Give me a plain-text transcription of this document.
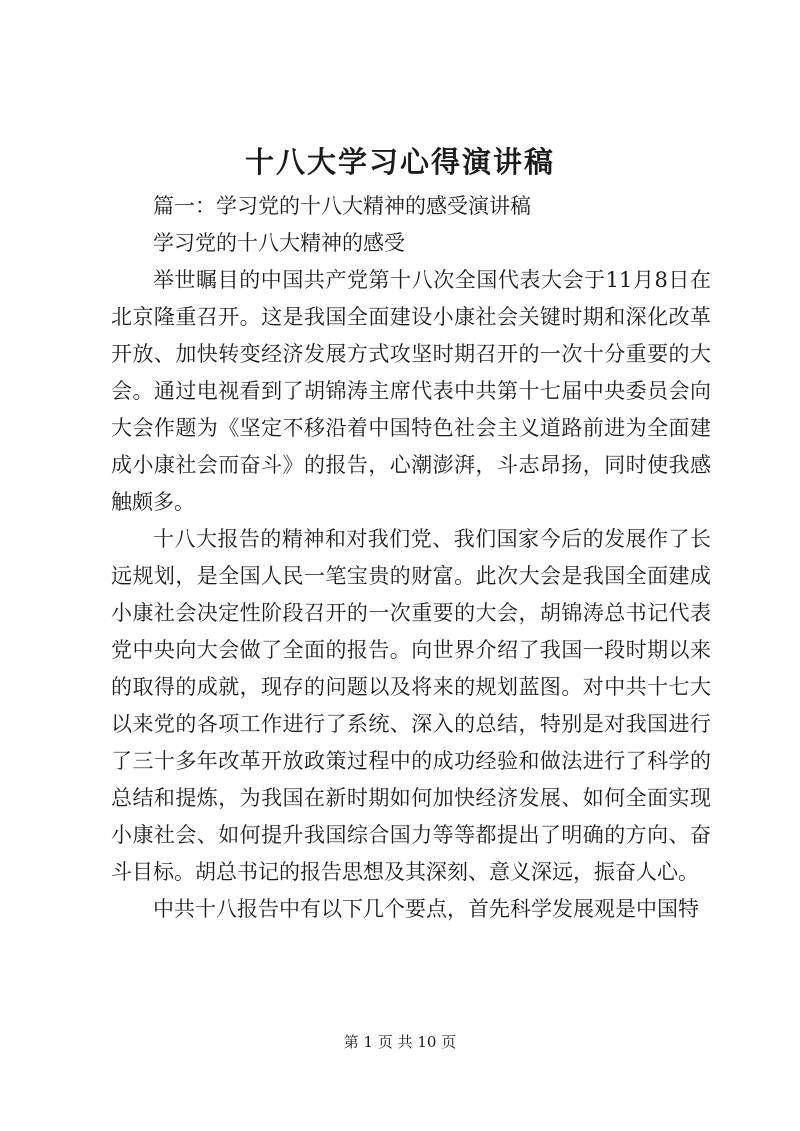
十八大学习心得演讲稿

篇一：学习党的十八大精神的感受演讲稿

学习党的十八大精神的感受

举世瞩目的中国共产党第十八次全国代表大会于11月8日在北京隆重召开。这是我国全面建设小康社会关键时期和深化改革开放、加快转变经济发展方式攻坚时期召开的一次十分重要的大会。通过电视看到了胡锦涛主席代表中共第十七届中央委员会向大会作题为《坚定不移沿着中国特色社会主义道路前进为全面建成小康社会而奋斗》的报告，心潮澎湃，斗志昂扬，同时使我感触颇多。

十八大报告的精神和对我们党、我们国家今后的发展作了长远规划，是全国人民一笔宝贵的财富。此次大会是我国全面建成小康社会决定性阶段召开的一次重要的大会，胡锦涛总书记代表党中央向大会做了全面的报告。向世界介绍了我国一段时期以来的取得的成就，现存的问题以及将来的规划蓝图。对中共十七大以来党的各项工作进行了系统、深入的总结，特别是对我国进行了三十多年改革开放政策过程中的成功经验和做法进行了科学的总结和提炼，为我国在新时期如何加快经济发展、如何全面实现小康社会、如何提升我国综合国力等等都提出了明确的方向、奋斗目标。胡总书记的报告思想及其深刻、意义深远，振奋人心。

中共十八报告中有以下几个要点，首先科学发展观是中国特

第 1 页 共 10 页
